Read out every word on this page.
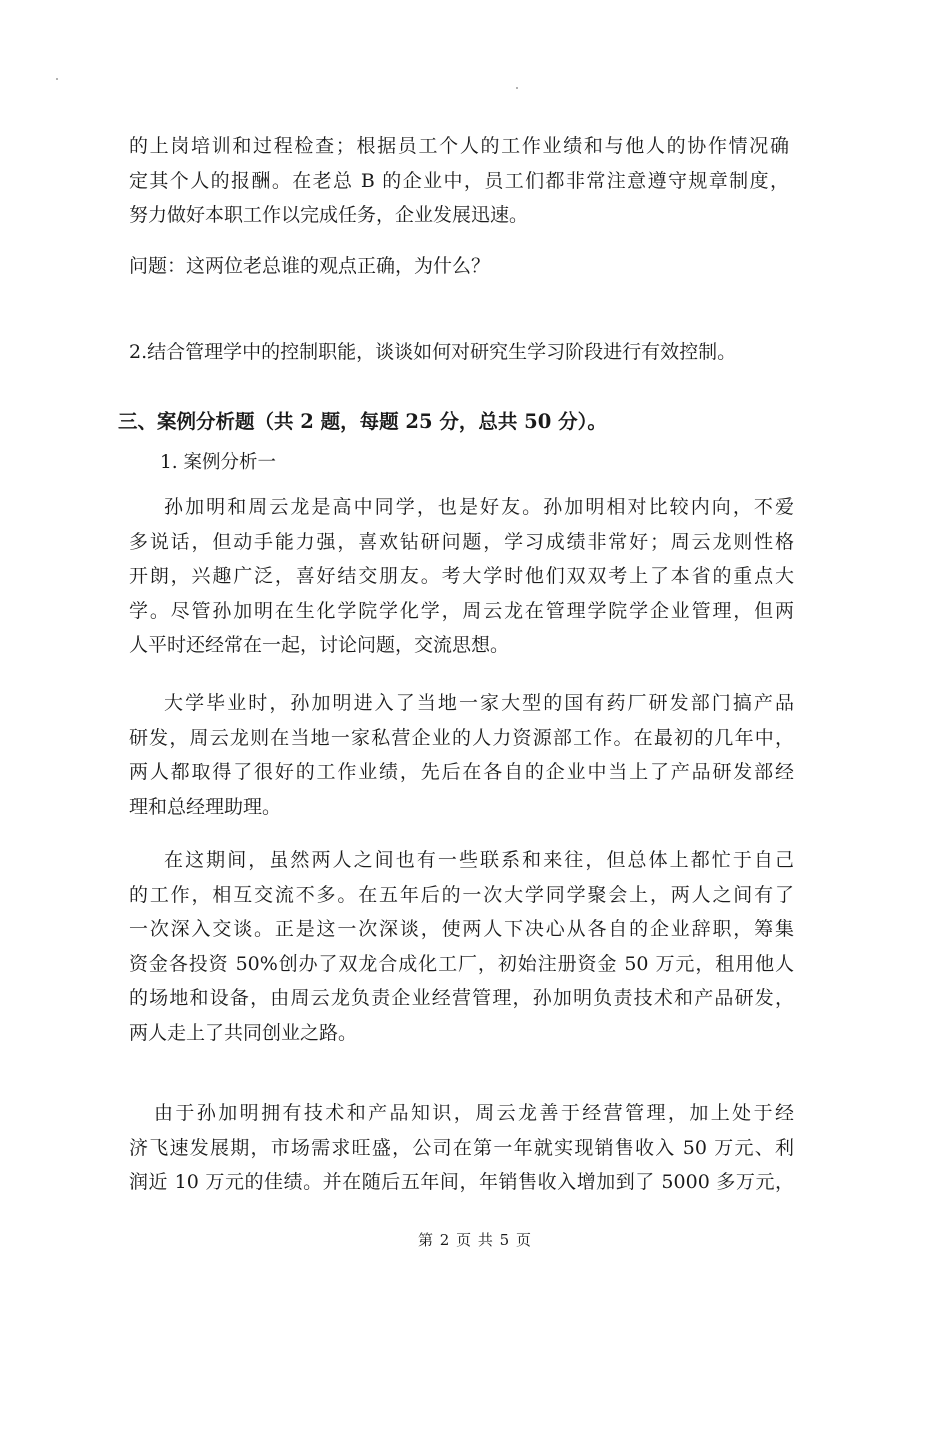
的上岗培训和过程检查；根据员工个人的工作业绩和与他人的协作情况确
定其个人的报酬。在老总 B 的企业中，员工们都非常注意遵守规章制度，
努力做好本职工作以完成任务，企业发展迅速。
问题：这两位老总谁的观点正确，为什么？
2.结合管理学中的控制职能，谈谈如何对研究生学习阶段进行有效控制。
三、案例分析题（共 2 题，每题 25 分，总共 50 分）。
1. 案例分析一
孙加明和周云龙是高中同学，也是好友。孙加明相对比较内向，不爱
多说话，但动手能力强，喜欢钻研问题，学习成绩非常好；周云龙则性格
开朗，兴趣广泛，喜好结交朋友。考大学时他们双双考上了本省的重点大
学。尽管孙加明在生化学院学化学，周云龙在管理学院学企业管理，但两
人平时还经常在一起，讨论问题，交流思想。
大学毕业时，孙加明进入了当地一家大型的国有药厂研发部门搞产品
研发，周云龙则在当地一家私营企业的人力资源部工作。在最初的几年中，
两人都取得了很好的工作业绩，先后在各自的企业中当上了产品研发部经
理和总经理助理。
在这期间，虽然两人之间也有一些联系和来往，但总体上都忙于自己
的工作，相互交流不多。在五年后的一次大学同学聚会上，两人之间有了
一次深入交谈。正是这一次深谈，使两人下决心从各自的企业辞职，筹集
资金各投资 50%创办了双龙合成化工厂，初始注册资金 50 万元，租用他人
的场地和设备，由周云龙负责企业经营管理，孙加明负责技术和产品研发，
两人走上了共同创业之路。
由于孙加明拥有技术和产品知识，周云龙善于经营管理，加上处于经
济飞速发展期，市场需求旺盛，公司在第一年就实现销售收入 50 万元、利
润近 10 万元的佳绩。并在随后五年间，年销售收入增加到了 5000 多万元，
第 2 页 共 5 页
